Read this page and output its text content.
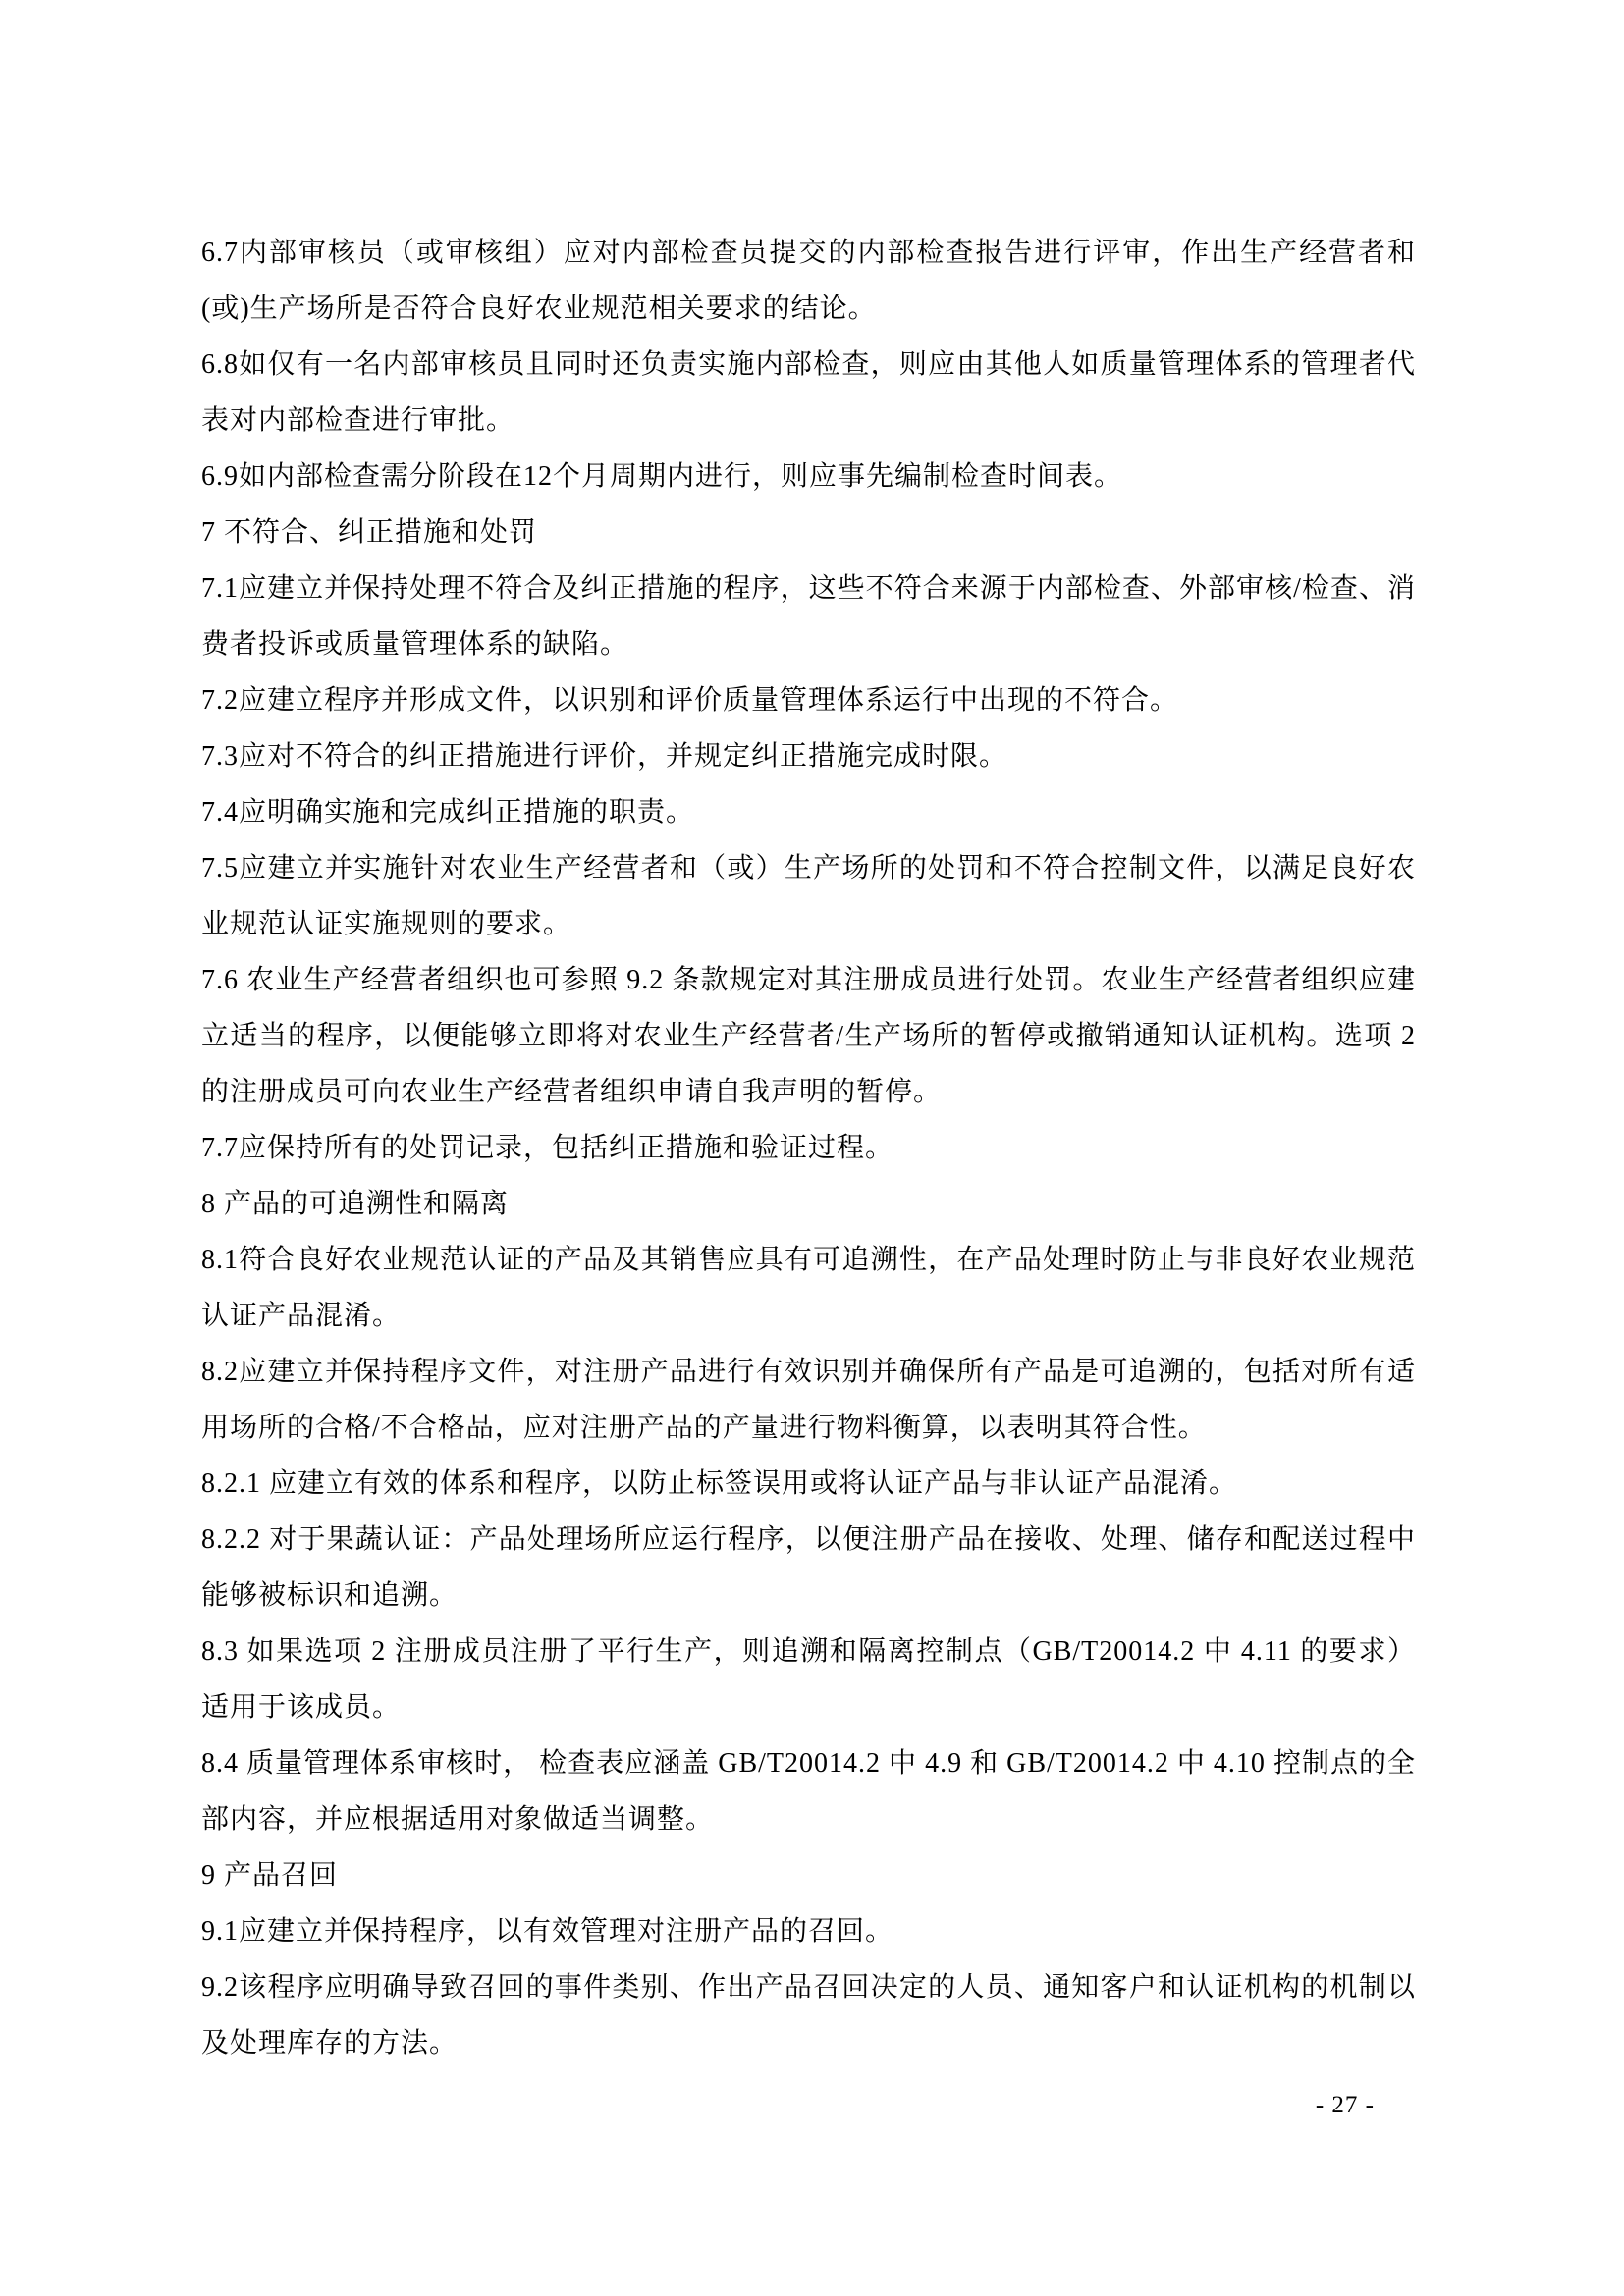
6.7内部审核员（或审核组）应对内部检查员提交的内部检查报告进行评审，作出生产经营者和(或)生产场所是否符合良好农业规范相关要求的结论。

6.8如仅有一名内部审核员且同时还负责实施内部检查，则应由其他人如质量管理体系的管理者代表对内部检查进行审批。

6.9如内部检查需分阶段在12个月周期内进行，则应事先编制检查时间表。

7 不符合、纠正措施和处罚

7.1应建立并保持处理不符合及纠正措施的程序，这些不符合来源于内部检查、外部审核/检查、消费者投诉或质量管理体系的缺陷。

7.2应建立程序并形成文件，以识别和评价质量管理体系运行中出现的不符合。

7.3应对不符合的纠正措施进行评价，并规定纠正措施完成时限。

7.4应明确实施和完成纠正措施的职责。

7.5应建立并实施针对农业生产经营者和（或）生产场所的处罚和不符合控制文件，以满足良好农业规范认证实施规则的要求。

7.6 农业生产经营者组织也可参照 9.2 条款规定对其注册成员进行处罚。农业生产经营者组织应建立适当的程序，以便能够立即将对农业生产经营者/生产场所的暂停或撤销通知认证机构。选项 2 的注册成员可向农业生产经营者组织申请自我声明的暂停。

7.7应保持所有的处罚记录，包括纠正措施和验证过程。

8 产品的可追溯性和隔离

8.1符合良好农业规范认证的产品及其销售应具有可追溯性，在产品处理时防止与非良好农业规范认证产品混淆。

8.2应建立并保持程序文件，对注册产品进行有效识别并确保所有产品是可追溯的，包括对所有适用场所的合格/不合格品，应对注册产品的产量进行物料衡算，以表明其符合性。

8.2.1 应建立有效的体系和程序，以防止标签误用或将认证产品与非认证产品混淆。

8.2.2 对于果蔬认证：产品处理场所应运行程序，以便注册产品在接收、处理、储存和配送过程中能够被标识和追溯。

8.3 如果选项 2 注册成员注册了平行生产，则追溯和隔离控制点（GB/T20014.2 中 4.11 的要求）适用于该成员。

8.4 质量管理体系审核时， 检查表应涵盖 GB/T20014.2 中 4.9 和 GB/T20014.2 中 4.10 控制点的全部内容，并应根据适用对象做适当调整。

9 产品召回

9.1应建立并保持程序，以有效管理对注册产品的召回。

9.2该程序应明确导致召回的事件类别、作出产品召回决定的人员、通知客户和认证机构的机制以及处理库存的方法。

- 27 -
